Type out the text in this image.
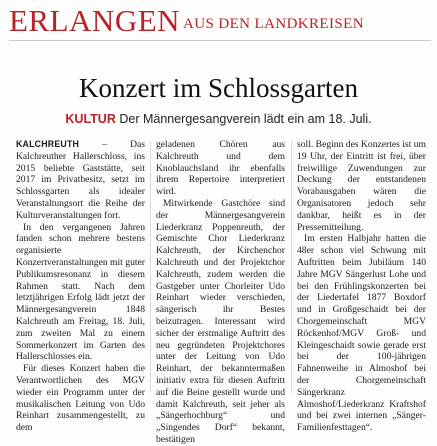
ERLANGEN AUS DEN LANDKREISEN
Konzert im Schlossgarten
KULTUR Der Männergesangverein lädt ein am 18. Juli.

KALCHREUTH – Das Kalchreuther Hallerschloss, ins 2015 beliebte Gaststätte, seit 2017 im Privatbesitz, setzt im Schlossgarten als idealer Veranstaltungsort die Reihe der Kulturveranstaltungen fort.

In den vergangenen Jahren fanden schon mehrere bestens organisierte Konzertveranstaltungen mit guter Publikumsresonanz in diesem Rahmen statt. Nach dem letztjährigen Erfolg lädt jetzt der Männergesangverein 1848 Kalchreuth am Freitag, 18. Juli, zum zweiten Mal zu einem Sommerkonzert im Garten des Hallerschlosses ein.

Für dieses Konzert haben die Verantwortlichen des MGV wieder ein Programm unter der musikalischen Leitung von Udo Reinhart zusammengestellt, zu dem

geladenen Chören aus Kalchreuth und dem Knoblauchsland ihr ebenfalls ihrem Repertoire interpretiert wird.

Mitwirkende Gastchöre sind der Männergesangverein Liederkranz Poppenreuth, der Gemischte Chor Liederkranz Kalchreuth, der Kirchenchor Kalchreuth und der Projektchor Kalchreuth, zudem werden die Gastgeber unter Chorleiter Udo Reinhart wieder verschieden, sängerisch ihr Bestes beizutragen. Interessant wird sicher der erstmalige Auftritt des neu gegründeten Projektchores unter der Leitung von Udo Reinhart, der bekanntermaßen initiativ extra für diesen Auftritt auf die Beine gestellt wurde und damit Kalchreuth, seit jeher als „Sängerhochburg“ und „Singendes Dorf“ bekannt, bestätigen

soll. Beginn des Konzertes ist um 19 Uhr, der Eintritt ist frei, über freiwillige Zuwendungen zur Deckung der entstandenen Vorabausgaben wären die Organisatoren jedoch sehr dankbar, heißt es in der Pressemitteilung.

Im ersten Halbjahr hatten die 48er schon viel Schwung mit Auftritten beim Jubiläum 140 Jahre MGV Sängerlust Lohe und bei den Frühlingskonzerten bei der Liedertafel 1877 Boxdorf und in Großgeschaidt bei der Chorgemeinschaft MGV Röckenhof/MGV Groß- und Kleingeschaidt sowie gerade erst bei der 100-jährigen Fahnenweihe in Almoshof bei der Chorgemeinschaft Sängerkranz Almoshof/Liederkranz Kraftshof und bei zwei internen „Sänger-Familienfesttagen“.
